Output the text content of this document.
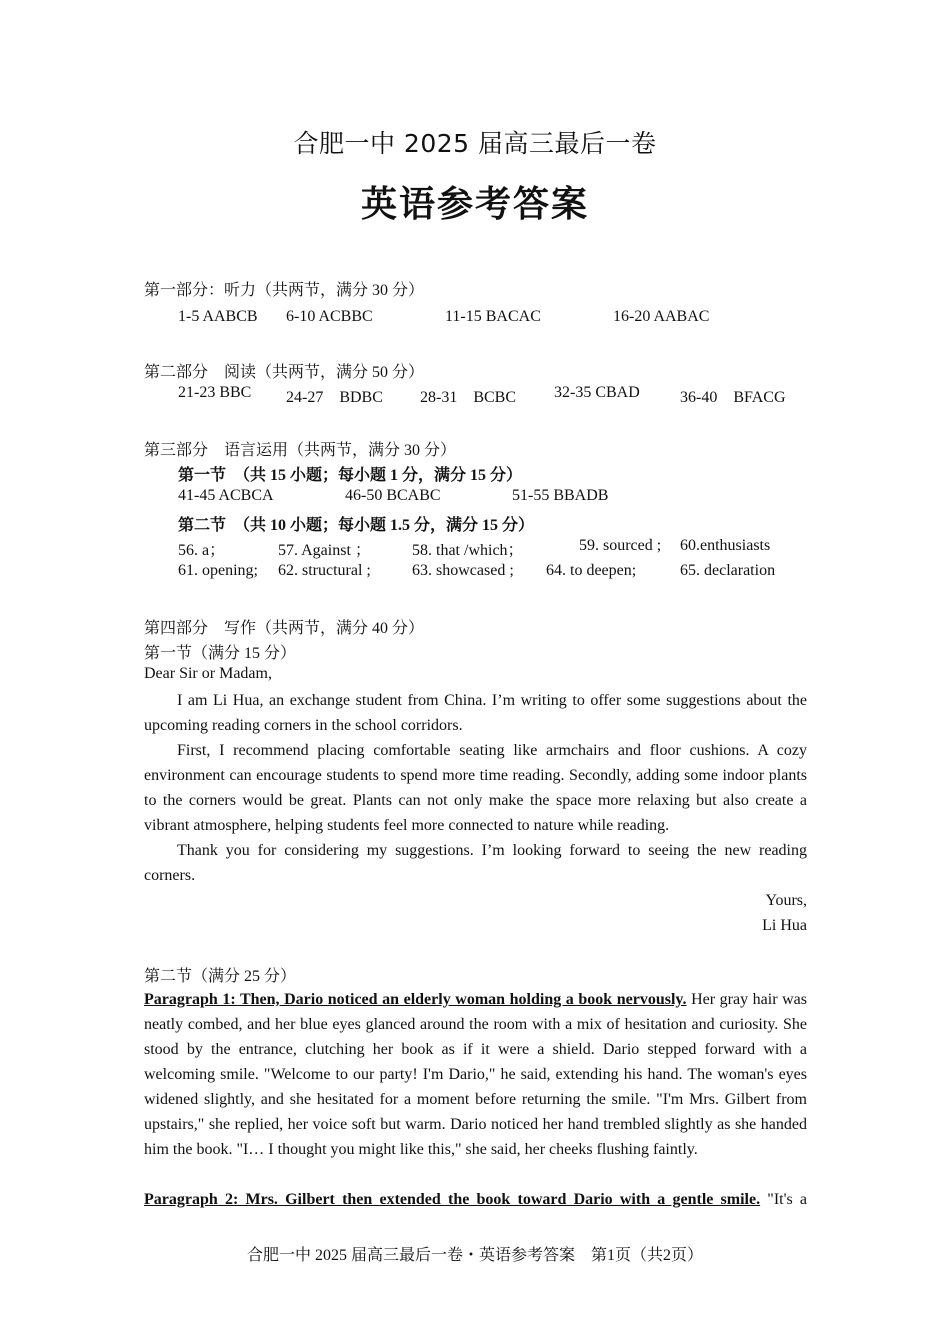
合肥一中 2025 届高三最后一卷
英语参考答案
第一部分：听力（共两节，满分 30 分）
1-5 AABCB 6-10 ACBBC	11-15 BACAC	16-20 AABAC
第二部分　阅读（共两节，满分 50 分）
21-23 BBC 24-27　BDBC 28-31　BCBC 32-35 CBAD	36-40　BFACG
第三部分　语言运用（共两节，满分 30 分）
第一节　（共 15 小题；每小题 1 分，满分 15 分）
41-45 ACBCA	46-50 BCABC	51-55 BBADB
第二节　（共 10 小题；每小题 1.5 分，满分 15 分）
56. a；	57. Against ；	58. that /which；	59. sourced ; 60.enthusiasts
61. opening; 62. structural ;	63. showcased ; 64. to deepen;	65. declaration
第四部分　写作（共两节，满分 40 分）
第一节（满分 15 分）
Dear Sir or Madam,
I am Li Hua, an exchange student from China. I’m writing to offer some suggestions about the upcoming reading corners in the school corridors.
First, I recommend placing comfortable seating like armchairs and floor cushions. A cozy environment can encourage students to spend more time reading. Secondly, adding some indoor plants to the corners would be great. Plants can not only make the space more relaxing but also create a vibrant atmosphere, helping students feel more connected to nature while reading.
Thank you for considering my suggestions. I’m looking forward to seeing the new reading corners.
Yours,
Li Hua
第二节（满分 25 分）
Paragraph 1: Then, Dario noticed an elderly woman holding a book nervously. Her gray hair was neatly combed, and her blue eyes glanced around the room with a mix of hesitation and curiosity. She stood by the entrance, clutching her book as if it were a shield. Dario stepped forward with a welcoming smile. "Welcome to our party! I'm Dario," he said, extending his hand. The woman's eyes widened slightly, and she hesitated for a moment before returning the smile. "I'm Mrs. Gilbert from upstairs," she replied, her voice soft but warm. Dario noticed her hand trembled slightly as she handed him the book. "I… I thought you might like this," she said, her cheeks flushing faintly.
Paragraph 2: Mrs. Gilbert then extended the book toward Dario with a gentle smile. "It's a
合肥一中 2025 届高三最后一卷・英语参考答案　第1页（共2页）
